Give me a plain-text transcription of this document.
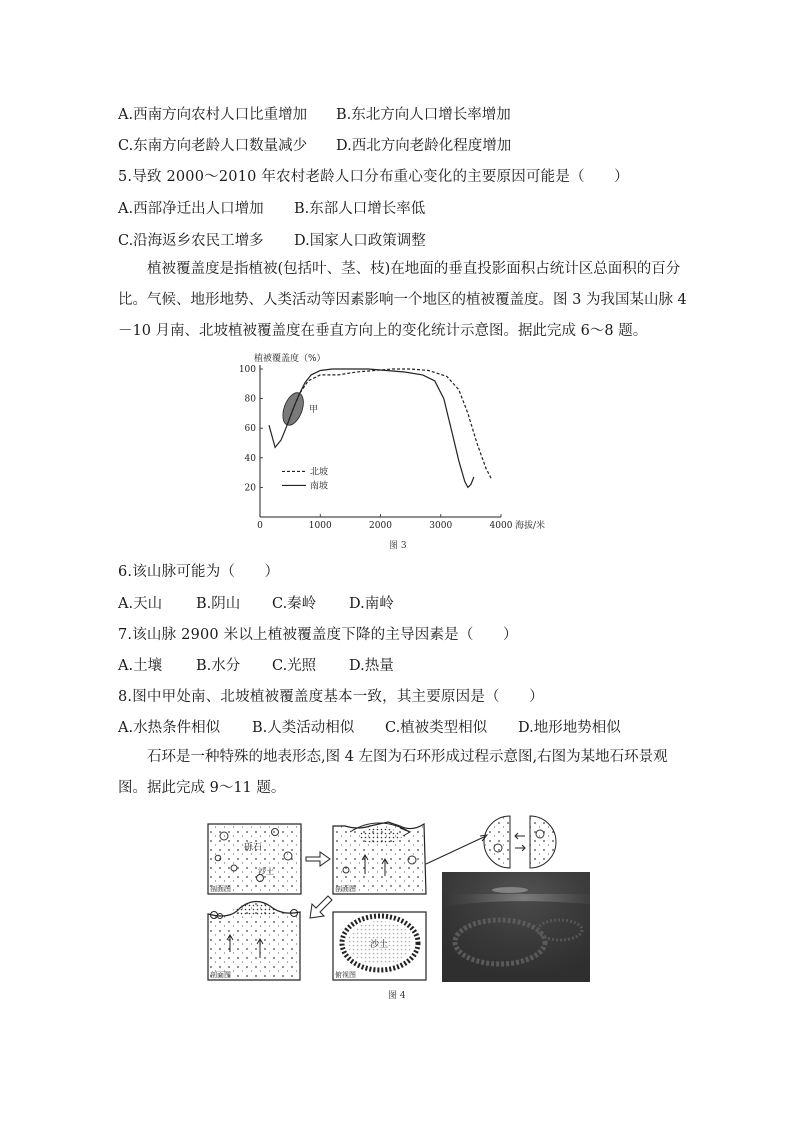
A.西南方向农村人口比重增加 B.东北方向人口增长率增加
C.东南方向老龄人口数量减少 D.西北方向老龄化程度增加
5.导致 2000～2010 年农村老龄人口分布重心变化的主要原因可能是（　　）
A.西部净迁出人口增加 B.东部人口增长率低
C.沿海返乡农民工增多 D.国家人口政策调整
植被覆盖度是指植被(包括叶、茎、枝)在地面的垂直投影面积占统计区总面积的百分比。气候、地形地势、人类活动等因素影响一个地区的植被覆盖度。图 3 为我国某山脉 4－10 月南、北坡植被覆盖度在垂直方向上的变化统计示意图。据此完成 6～8 题。
20
40
60
80
100
0	1000	2000	3000	4000
植被覆盖度（%）
海拔/米
甲
南坡
北坡
图 3
6.该山脉可能为（　　）
A.天山 B.阴山 C.秦岭 D.南岭
7.该山脉 2900 米以上植被覆盖度下降的主导因素是（　　）
A.土壤 B.水分 C.光照 D.热量
8.图中甲处南、北坡植被覆盖度基本一致，其主要原因是（　　）
A.水热条件相似 B.人类活动相似 C.植被类型相似 D.地形地势相似
石环是一种特殊的地表形态,图 4 左图为石环形成过程示意图,右图为某地石环景观图。据此完成 9～11 题。
砾石
沙土
剖面图	剖面图
剖面图
沙土
俯视图
图 4
